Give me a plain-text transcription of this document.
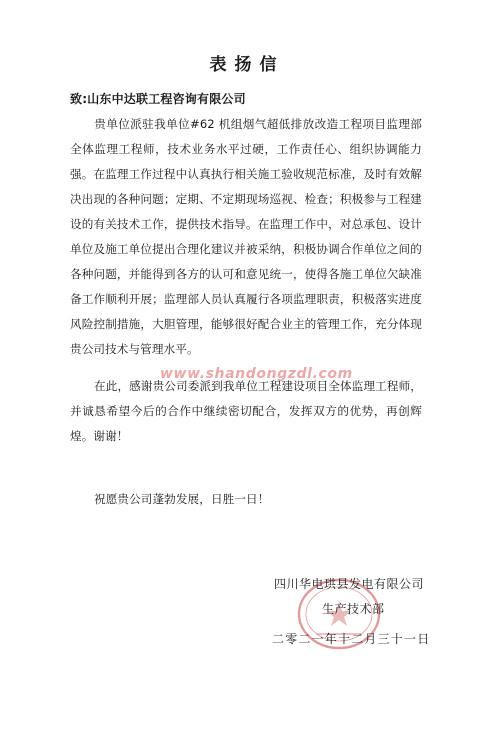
表扬信
致:山东中达联工程咨询有限公司
贵单位派驻我单位#62 机组烟气超低排放改造工程项目监理部全体监理工程师，技术业务水平过硬，工作责任心、组织协调能力强。在监理工作过程中认真执行相关施工验收规范标准，及时有效解决出现的各种问题；定期、不定期现场巡视、检查；积极参与工程建设的有关技术工作，提供技术指导。在监理工作中，对总承包、设计单位及施工单位提出合理化建议并被采纳，积极协调合作单位之间的各种问题，并能得到各方的认可和意见统一，使得各施工单位欠缺准备工作顺利开展；监理部人员认真履行各项监理职责，积极落实进度风险控制措施，大胆管理，能够很好配合业主的管理工作，充分体现贵公司技术与管理水平。
www.shandongzdl.com
在此，感谢贵公司委派到我单位工程建设项目全体监理工程师，并诚恳希望今后的合作中继续密切配合，发挥双方的优势，再创辉煌。谢谢！
祝愿贵公司蓬勃发展，日胜一日！
四川华电珙县发电有限公司
生产技术部
二零二一年十二月三十一日
